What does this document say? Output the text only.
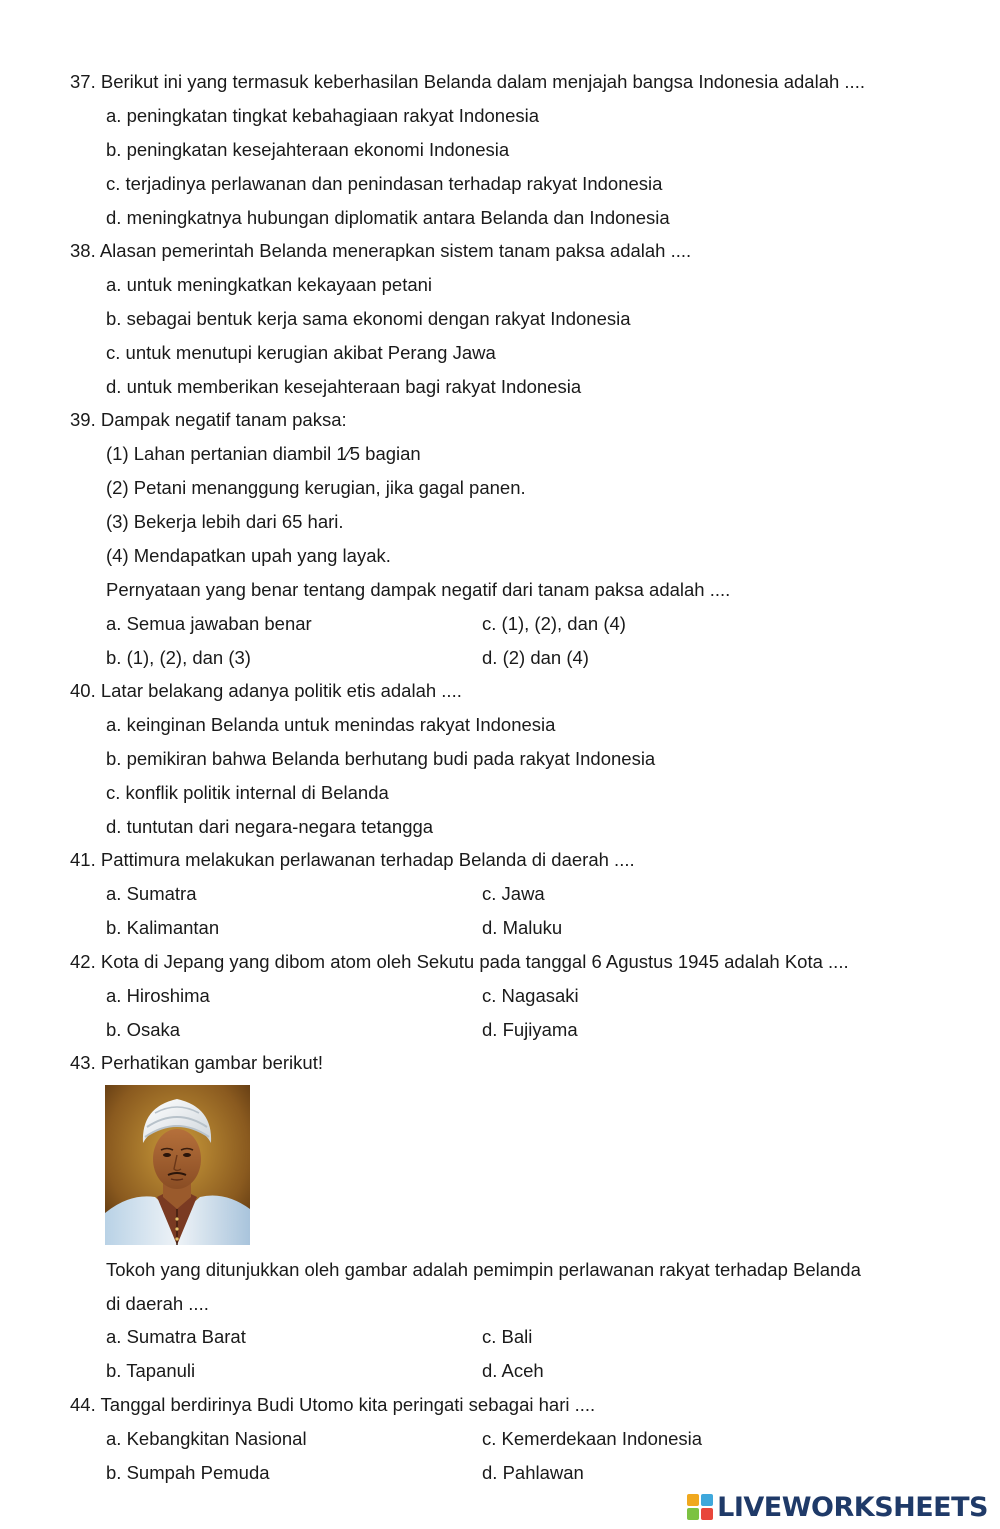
37. Berikut ini yang termasuk keberhasilan Belanda dalam menjajah bangsa Indonesia adalah ....
a. peningkatan tingkat kebahagiaan rakyat Indonesia
b. peningkatan kesejahteraan ekonomi Indonesia
c. terjadinya perlawanan dan penindasan terhadap rakyat Indonesia
d. meningkatnya hubungan diplomatik antara Belanda dan Indonesia
38. Alasan pemerintah Belanda menerapkan sistem tanam paksa adalah ....
a. untuk meningkatkan kekayaan petani
b. sebagai bentuk kerja sama ekonomi dengan rakyat Indonesia
c. untuk menutupi kerugian akibat Perang Jawa
d. untuk memberikan kesejahteraan bagi rakyat Indonesia
39. Dampak negatif tanam paksa:
(1) Lahan pertanian diambil 1⁄5 bagian
(2) Petani menanggung kerugian, jika gagal panen.
(3) Bekerja lebih dari 65 hari.
(4) Mendapatkan upah yang layak.
Pernyataan yang benar tentang dampak negatif dari tanam paksa adalah ....
a. Semua jawaban benar	c. (1), (2), dan (4)
b. (1), (2), dan (3)	d. (2) dan (4)
40. Latar belakang adanya politik etis adalah ....
a. keinginan Belanda untuk menindas rakyat Indonesia
b. pemikiran bahwa Belanda berhutang budi pada rakyat Indonesia
c. konflik politik internal di Belanda
d. tuntutan dari negara-negara tetangga
41. Pattimura melakukan perlawanan terhadap Belanda di daerah ....
a. Sumatra	c. Jawa
b. Kalimantan	d. Maluku
42. Kota di Jepang yang dibom atom oleh Sekutu pada tanggal 6 Agustus 1945 adalah Kota ....
a. Hiroshima	c. Nagasaki
b. Osaka	d. Fujiyama
43. Perhatikan gambar berikut!
Tokoh yang ditunjukkan oleh gambar adalah pemimpin perlawanan rakyat terhadap Belanda
di daerah ....
a. Sumatra Barat	c. Bali
b. Tapanuli	d. Aceh
44. Tanggal berdirinya Budi Utomo kita peringati sebagai hari ....
a. Kebangkitan Nasional	c. Kemerdekaan Indonesia
b. Sumpah Pemuda	d. Pahlawan
LIVEWORKSHEETS
